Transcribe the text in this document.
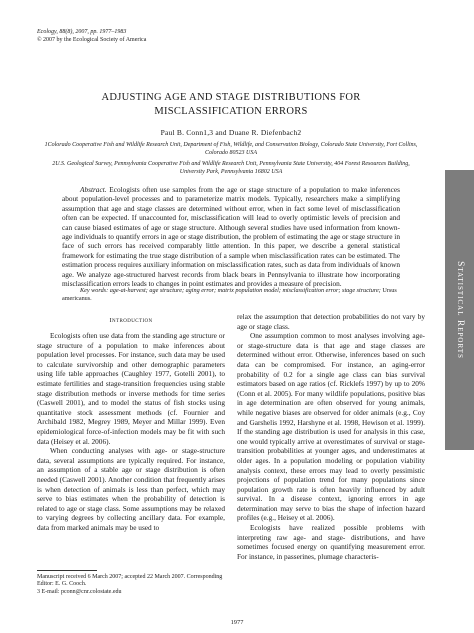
Ecology, 88(8), 2007, pp. 1977–1983
© 2007 by the Ecological Society of America
ADJUSTING AGE AND STAGE DISTRIBUTIONS FOR
MISCLASSIFICATION ERRORS
Paul B. Conn1,3 and Duane R. Diefenbach2
1Colorado Cooperative Fish and Wildlife Research Unit, Department of Fish, Wildlife, and Conservation Biology, Colorado State University, Fort Collins, Colorado 80523 USA
2U.S. Geological Survey, Pennsylvania Cooperative Fish and Wildlife Research Unit, Pennsylvania State University, 404 Forest Resources Building, University Park, Pennsylvania 16802 USA

Abstract. Ecologists often use samples from the age or stage structure of a population to make inferences about population-level processes and to parameterize matrix models. Typically, researchers make a simplifying assumption that age and stage classes are determined without error, when in fact some level of misclassification often can be expected. If unaccounted for, misclassification will lead to overly optimistic levels of precision and can cause biased estimates of age or stage structure. Although several studies have used information from known-age individuals to quantify errors in age or stage distribution, the problem of estimating the age or stage structure in face of such errors has received comparably little attention. In this paper, we describe a general statistical framework for estimating the true stage distribution of a sample when misclassification rates can be estimated. The estimation process requires auxiliary information on misclassification rates, such as data from individuals of known age. We analyze age-structured harvest records from black bears in Pennsylvania to illustrate how incorporating misclassification errors leads to changes in point estimates and provides a measure of precision.

Key words: age-at-harvest; age structure; aging error; matrix population model; misclassification error; stage structure; Ursus americanus.

Introduction

Ecologists often use data from the standing age structure or stage structure of a population to make inferences about population level processes. For instance, such data may be used to calculate survivorship and other demographic parameters using life table approaches (Caughley 1977, Gotelli 2001), to estimate fertilities and stage-transition frequencies using stable stage distribution methods or inverse methods for time series (Caswell 2001), and to model the status of fish stocks using quantitative stock assessment methods (cf. Fournier and Archibald 1982, Megrey 1989, Meyer and Millar 1999). Even epidemiological force-of-infection models may be fit with such data (Heisey et al. 2006).

When conducting analyses with age- or stage-structure data, several assumptions are typically required. For instance, an assumption of a stable age or stage distribution is often needed (Caswell 2001). Another condition that frequently arises is when detection of animals is less than perfect, which may serve to bias estimates when the probability of detection is related to age or stage class. Some assumptions may be relaxed to varying degrees by collecting ancillary data. For example, data from marked animals may be used to

relax the assumption that detection probabilities do not vary by age or stage class.

One assumption common to most analyses involving age- or stage-structure data is that age and stage classes are determined without error. Otherwise, inferences based on such data can be compromised. For instance, an aging-error probability of 0.2 for a single age class can bias survival estimators based on age ratios (cf. Ricklefs 1997) by up to 20% (Conn et al. 2005). For many wildlife populations, positive bias in age determination are often observed for young animals, while negative biases are observed for older animals (e.g., Coy and Garshelis 1992, Harshyne et al. 1998, Hewison et al. 1999). If the standing age distribution is used for analysis in this case, one would typically arrive at overestimates of survival or stage-transition probabilities at younger ages, and underestimates at older ages. In a population modeling or population viability analysis context, these errors may lead to overly pessimistic projections of population trend for many populations since population growth rate is often heavily influenced by adult survival. In a disease context, ignoring errors in age determination may serve to bias the shape of infection hazard profiles (e.g., Heisey et al. 2006).

Ecologists have realized possible problems with interpreting raw age- and stage- distributions, and have sometimes focused energy on quantifying measurement error. For instance, in passerines, plumage characteris-

Manuscript received 6 March 2007; accepted 22 March 2007. Corresponding Editor: E. G. Cooch.
3 E-mail: pconn@cnr.colostate.edu
1977
Statistical Reports
